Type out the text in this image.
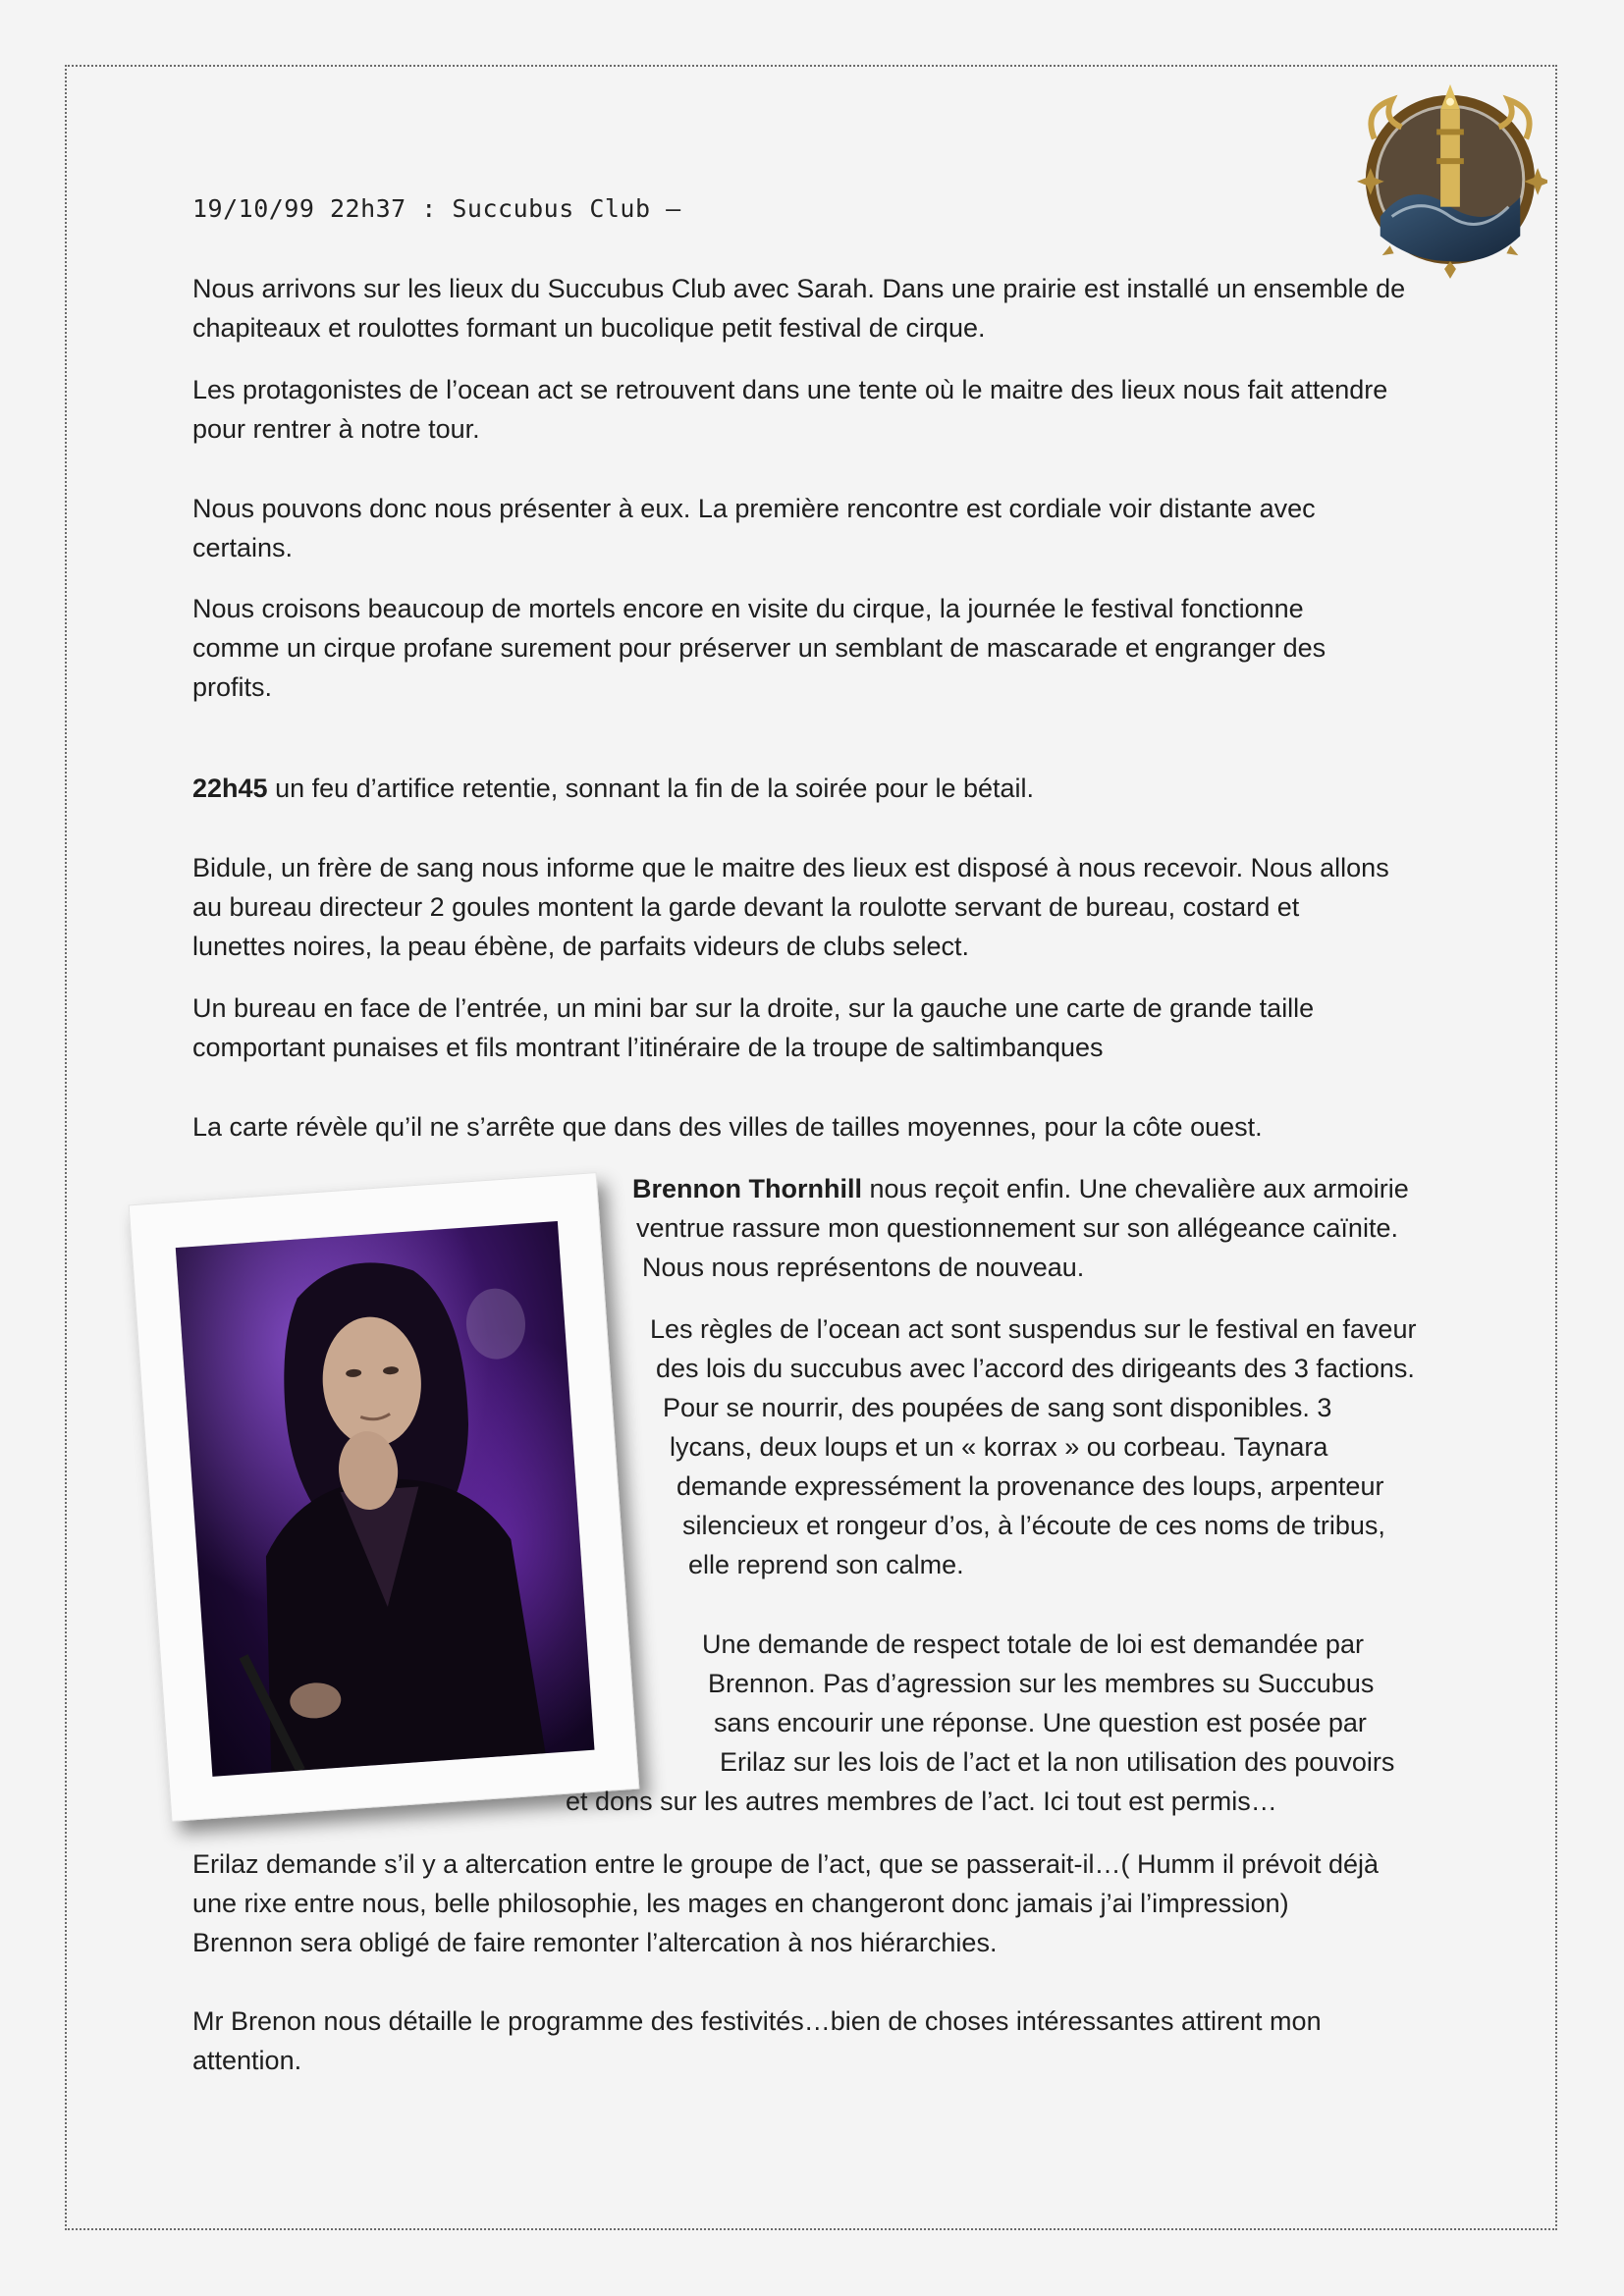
19/10/99 22h37 : Succubus Club –
Nous arrivons sur les lieux du Succubus Club avec Sarah. Dans une prairie est installé un ensemble de
chapiteaux et roulottes formant un bucolique petit festival de cirque.
Les protagonistes de l’ocean act se retrouvent dans une tente où le maitre des lieux nous fait attendre
pour rentrer à notre tour.
Nous pouvons donc nous présenter à eux. La première rencontre est cordiale voir distante avec
certains.
Nous croisons beaucoup de mortels encore en visite du cirque, la journée le festival fonctionne
comme un cirque profane surement pour préserver un semblant de mascarade et engranger des
profits.
22h45 un feu d’artifice retentie, sonnant la fin de la soirée pour le bétail.
Bidule, un frère de sang nous informe que le maitre des lieux est disposé à nous recevoir. Nous allons
au bureau directeur 2 goules montent la garde devant la roulotte servant de bureau, costard et
lunettes noires, la peau ébène, de parfaits videurs de clubs select.
Un bureau en face de l’entrée, un mini bar sur la droite, sur la gauche une carte de grande taille
comportant punaises et fils montrant l’itinéraire de la troupe de saltimbanques
La carte révèle qu’il ne s’arrête que dans des villes de tailles moyennes, pour la côte ouest.
Brennon Thornhill nous reçoit enfin. Une chevalière aux armoirie
ventrue rassure mon questionnement sur son allégeance caïnite.
Nous nous représentons de nouveau.
Les règles de l’ocean act sont suspendus sur le festival en faveur
des lois du succubus avec l’accord des dirigeants des 3 factions.
Pour se nourrir, des poupées de sang sont disponibles. 3
lycans, deux loups et un « korrax » ou corbeau. Taynara
demande expressément la provenance des loups, arpenteur
silencieux et rongeur d’os, à l’écoute de ces noms de tribus,
elle reprend son calme.
Une demande de respect totale de loi est demandée par
Brennon. Pas d’agression sur les membres su Succubus
sans encourir une réponse. Une question est posée par
Erilaz sur les lois de l’act et la non utilisation des pouvoirs
et dons sur les autres membres de l’act. Ici tout est permis…
Erilaz demande s’il y a altercation entre le groupe de l’act, que se passerait-il…( Humm il prévoit déjà
une rixe entre nous, belle philosophie, les mages en changeront donc jamais j’ai l’impression)
Brennon sera obligé de faire remonter l’altercation à nos hiérarchies.
Mr Brenon nous détaille le programme des festivités…bien de choses intéressantes attirent mon
attention.
